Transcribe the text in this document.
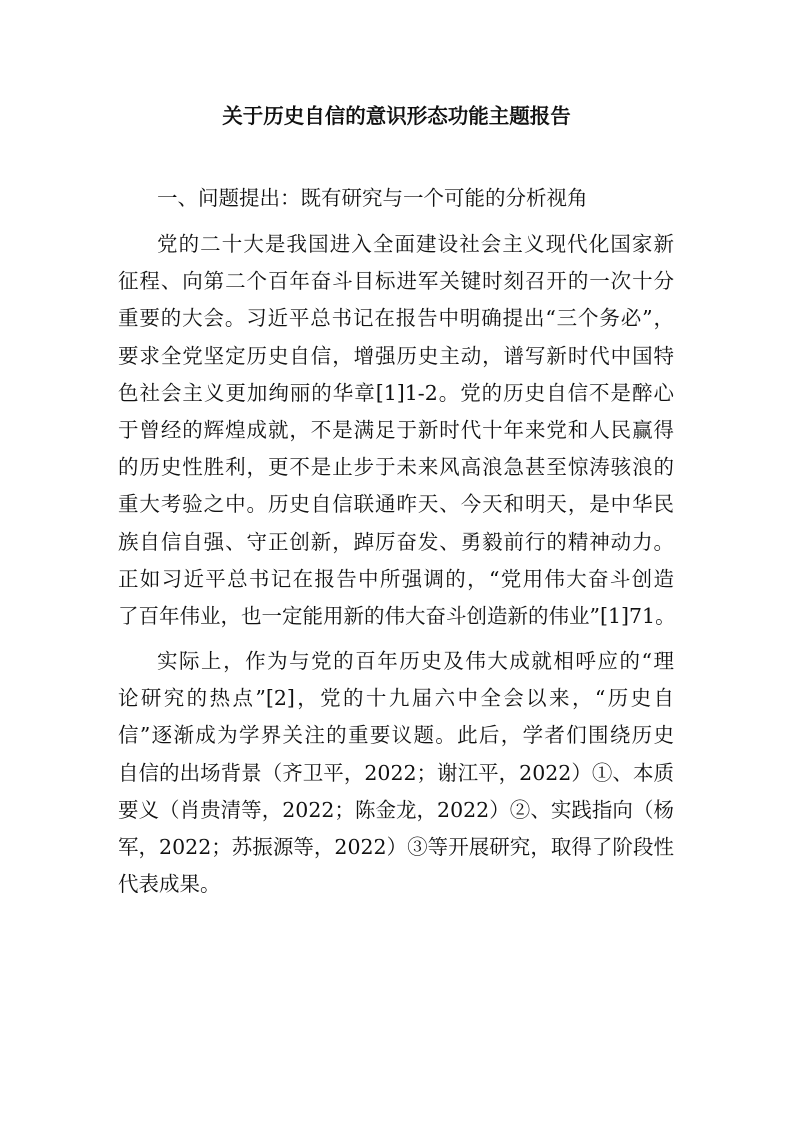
关于历史自信的意识形态功能主题报告
一、问题提出：既有研究与一个可能的分析视角

党的二十大是我国进入全面建设社会主义现代化国家新
征程、向第二个百年奋斗目标进军关键时刻召开的一次十分
重要的大会。习近平总书记在报告中明确提出“三个务必”，
要求全党坚定历史自信，增强历史主动，谱写新时代中国特
色社会主义更加绚丽的华章[1]1-2。党的历史自信不是醉心
于曾经的辉煌成就，不是满足于新时代十年来党和人民赢得
的历史性胜利，更不是止步于未来风高浪急甚至惊涛骇浪的
重大考验之中。历史自信联通昨天、今天和明天，是中华民
族自信自强、守正创新，踔厉奋发、勇毅前行的精神动力。
正如习近平总书记在报告中所强调的，“党用伟大奋斗创造
了百年伟业，也一定能用新的伟大奋斗创造新的伟业”[1]71。

实际上，作为与党的百年历史及伟大成就相呼应的“理
论研究的热点”[2]，党的十九届六中全会以来，“历史自
信”逐渐成为学界关注的重要议题。此后，学者们围绕历史
自信的出场背景（齐卫平，2022；谢江平，2022）①、本质
要义（肖贵清等，2022；陈金龙，2022）②、实践指向（杨
军，2022；苏振源等，2022）③等开展研究，取得了阶段性
代表成果。
